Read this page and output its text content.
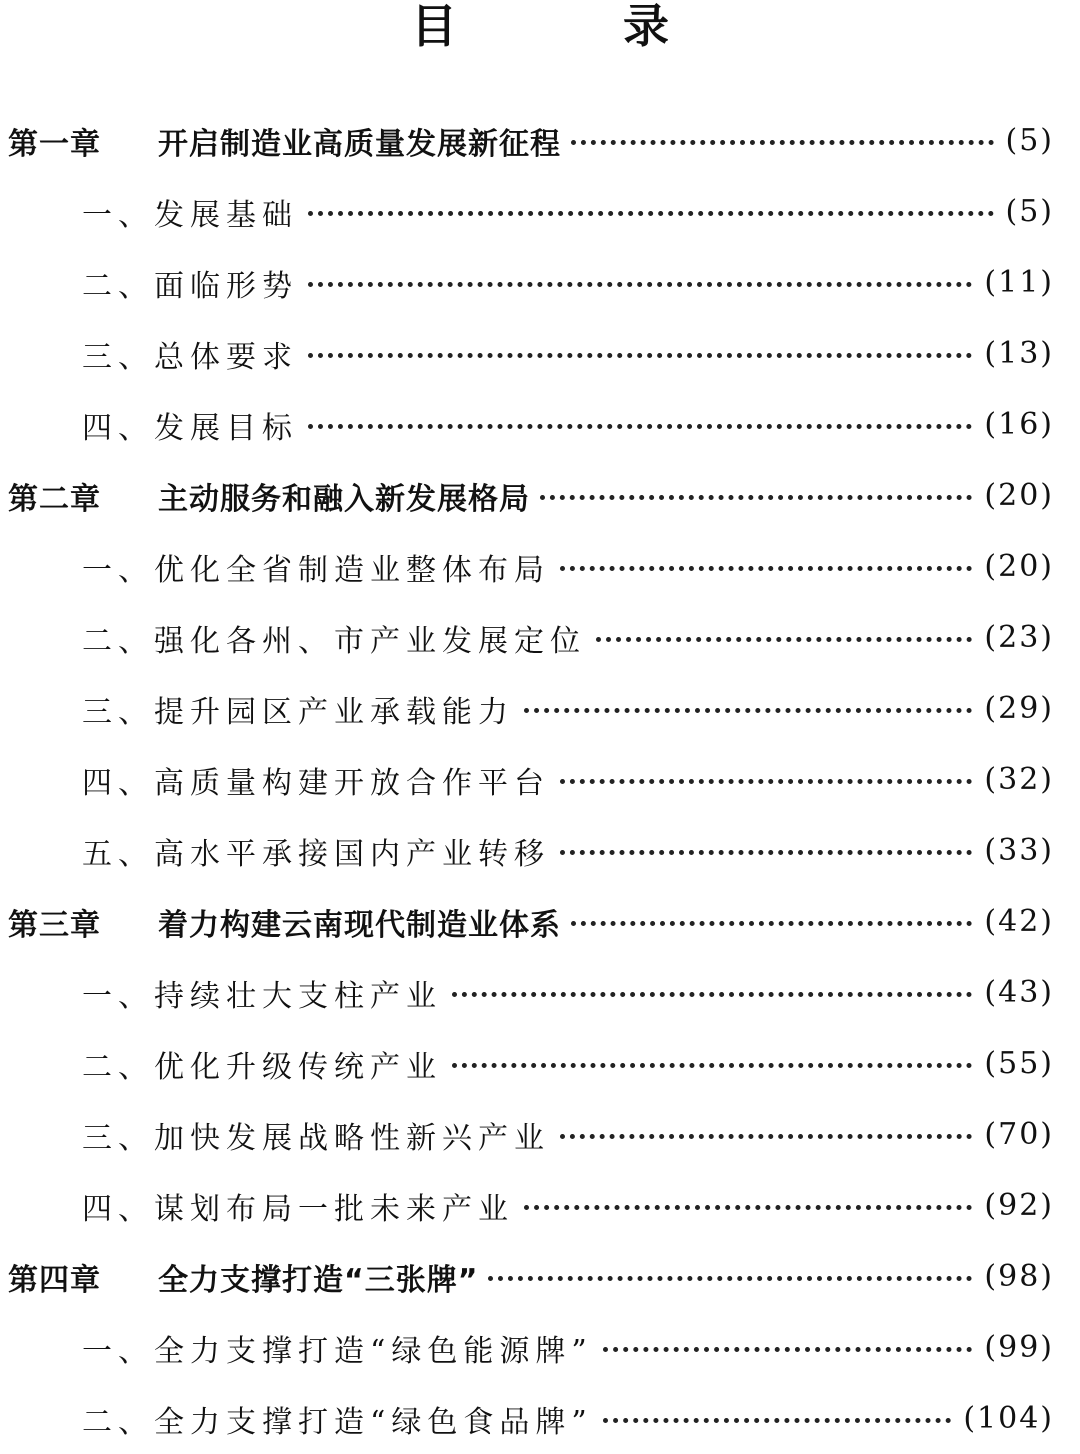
目　录
第一章	开启制造业高质量发展新征程	(5)
一、发展基础	(5)
二、面临形势	(11)
三、总体要求	(13)
四、发展目标	(16)
第二章	主动服务和融入新发展格局	(20)
一、优化全省制造业整体布局	(20)
二、强化各州、市产业发展定位	(23)
三、提升园区产业承载能力	(29)
四、高质量构建开放合作平台	(32)
五、高水平承接国内产业转移	(33)
第三章	着力构建云南现代制造业体系	(42)
一、持续壮大支柱产业	(43)
二、优化升级传统产业	(55)
三、加快发展战略性新兴产业	(70)
四、谋划布局一批未来产业	(92)
第四章	全力支撑打造“三张牌”	(98)
一、全力支撑打造“绿色能源牌”	(99)
二、全力支撑打造“绿色食品牌”	(104)
